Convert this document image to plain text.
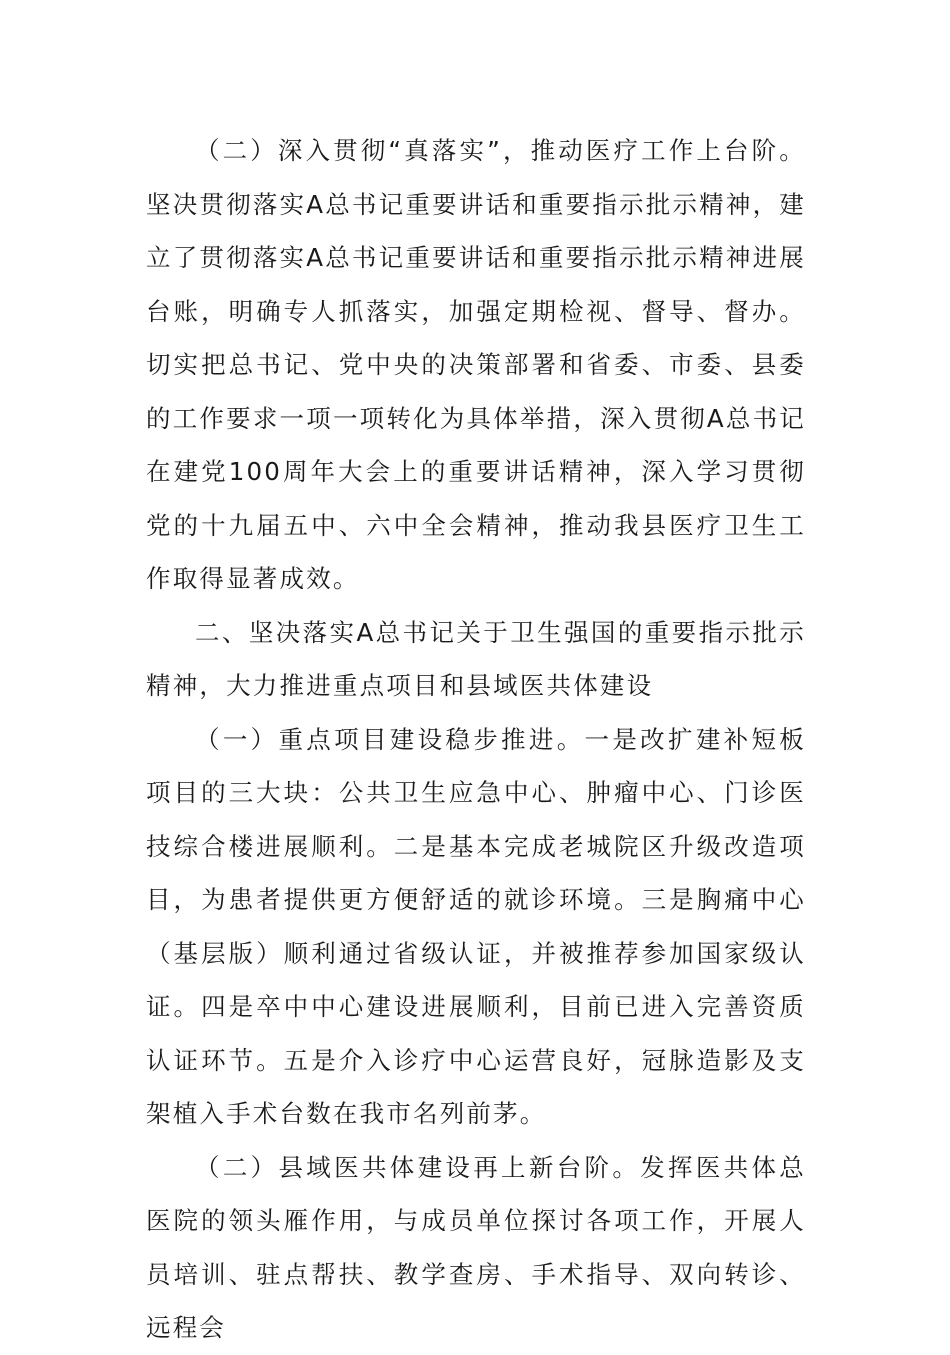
（二）深入贯彻“真落实”，推动医疗工作上台阶。坚决贯彻落实A总书记重要讲话和重要指示批示精神，建立了贯彻落实A总书记重要讲话和重要指示批示精神进展台账，明确专人抓落实，加强定期检视、督导、督办。切实把总书记、党中央的决策部署和省委、市委、县委的工作要求一项一项转化为具体举措，深入贯彻A总书记在建党100周年大会上的重要讲话精神，深入学习贯彻党的十九届五中、六中全会精神，推动我县医疗卫生工作取得显著成效。

二、坚决落实A总书记关于卫生强国的重要指示批示精神，大力推进重点项目和县域医共体建设

（一）重点项目建设稳步推进。一是改扩建补短板项目的三大块：公共卫生应急中心、肿瘤中心、门诊医技综合楼进展顺利。二是基本完成老城院区升级改造项目，为患者提供更方便舒适的就诊环境。三是胸痛中心（基层版）顺利通过省级认证，并被推荐参加国家级认证。四是卒中中心建设进展顺利，目前已进入完善资质认证环节。五是介入诊疗中心运营良好，冠脉造影及支架植入手术台数在我市名列前茅。

（二）县域医共体建设再上新台阶。发挥医共体总医院的领头雁作用，与成员单位探讨各项工作，开展人员培训、驻点帮扶、教学查房、手术指导、双向转诊、远程会
